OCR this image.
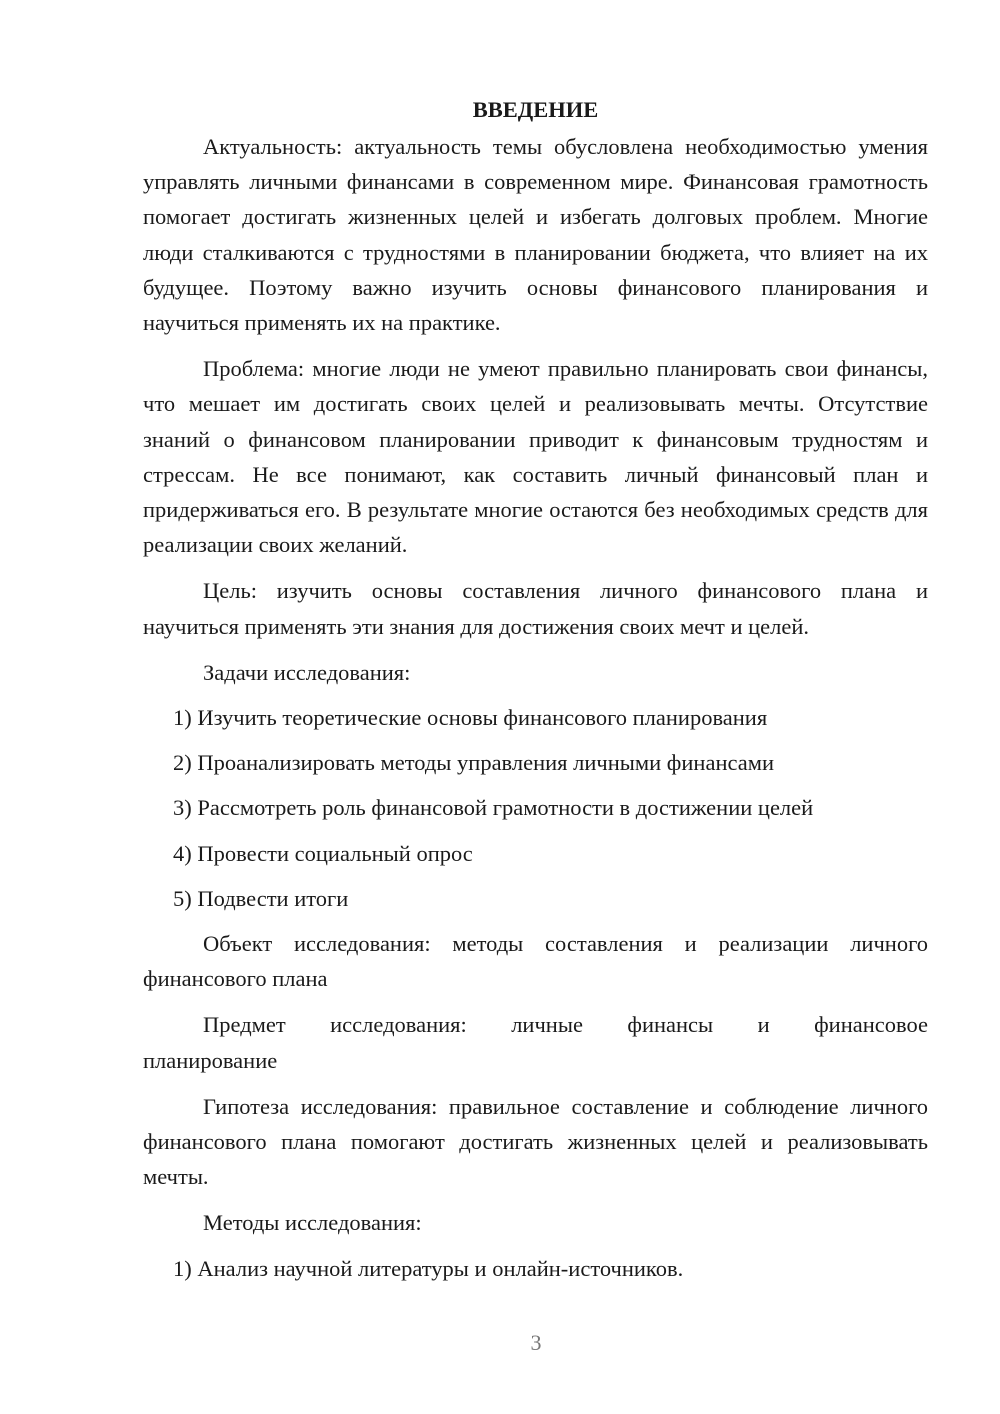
ВВЕДЕНИЕ

Актуальность: актуальность темы обусловлена необходимостью умения управлять личными финансами в современном мире. Финансовая грамотность помогает достигать жизненных целей и избегать долговых проблем. Многие люди сталкиваются с трудностями в планировании бюджета, что влияет на их будущее. Поэтому важно изучить основы финансового планирования и научиться применять их на практике.

Проблема: многие люди не умеют правильно планировать свои финансы, что мешает им достигать своих целей и реализовывать мечты. Отсутствие знаний о финансовом планировании приводит к финансовым трудностям и стрессам. Не все понимают, как составить личный финансовый план и придерживаться его. В результате многие остаются без необходимых средств для реализации своих желаний.

Цель: изучить основы составления личного финансового плана и научиться применять эти знания для достижения своих мечт и целей.

Задачи исследования:

1) Изучить теоретические основы финансового планирования
2) Проанализировать методы управления личными финансами
3) Рассмотреть роль финансовой грамотности в достижении целей
4) Провести социальный опрос
5) Подвести итоги

Объект исследования: методы составления и реализации личного финансового плана

Предмет исследования: личные финансы и финансовое

планирование

Гипотеза исследования: правильное составление и соблюдение личного финансового плана помогают достигать жизненных целей и реализовывать мечты.

Методы исследования:

1) Анализ научной литературы и онлайн-источников.
3
